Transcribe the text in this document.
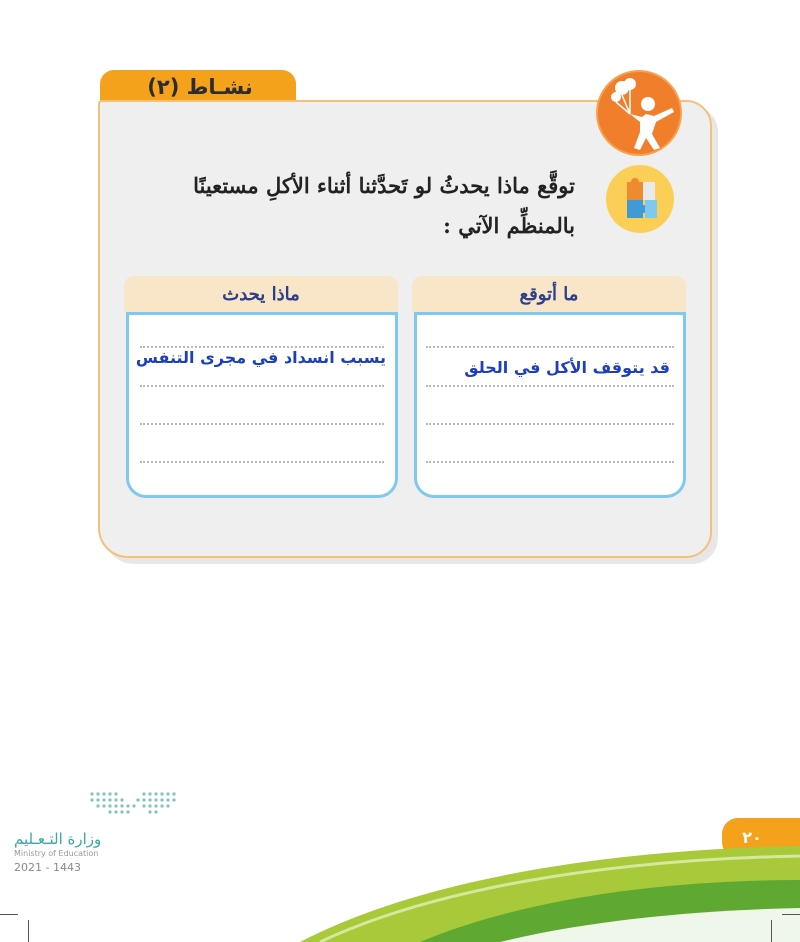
نشـاط (٢)
توقَّع ماذا يحدثُ لو تَحدَّثنا أثناء الأكلِ مستعينًا
بالمنظِّم الآتي :
ما أتوقع
ماذا يحدث
قد يتوقف الأكل في الحلق
يسبب انسداد في مجرى التنفس
وزارة التـعـليم
Ministry of Education
2021 - 1443
٢٠
